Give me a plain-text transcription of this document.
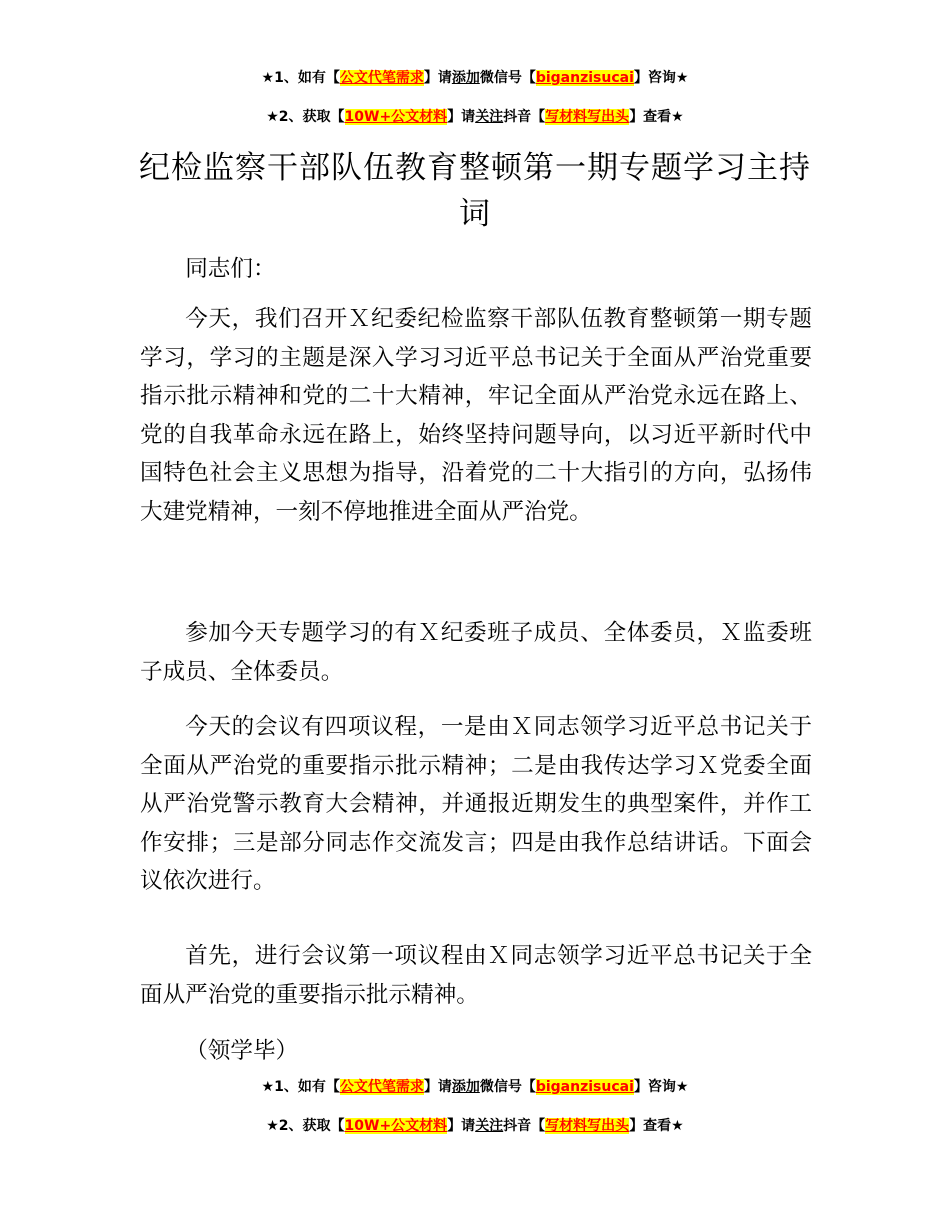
★1、如有【公文代笔需求】请添加微信号【biganzisucai】咨询★
★2、获取【10W+公文材料】请关注抖音【写材料写出头】查看★
纪检监察干部队伍教育整顿第一期专题学习主持词
同志们：
今天，我们召开Ｘ纪委纪检监察干部队伍教育整顿第一期专题学习，学习的主题是深入学习习近平总书记关于全面从严治党重要指示批示精神和党的二十大精神，牢记全面从严治党永远在路上、党的自我革命永远在路上，始终坚持问题导向，以习近平新时代中国特色社会主义思想为指导，沿着党的二十大指引的方向，弘扬伟大建党精神，一刻不停地推进全面从严治党。
参加今天专题学习的有Ｘ纪委班子成员、全体委员，Ｘ监委班子成员、全体委员。
今天的会议有四项议程，一是由Ｘ同志领学习近平总书记关于全面从严治党的重要指示批示精神；二是由我传达学习Ｘ党委全面从严治党警示教育大会精神，并通报近期发生的典型案件，并作工作安排；三是部分同志作交流发言；四是由我作总结讲话。下面会议依次进行。
首先，进行会议第一项议程由Ｘ同志领学习近平总书记关于全面从严治党的重要指示批示精神。
（领学毕）
★1、如有【公文代笔需求】请添加微信号【biganzisucai】咨询★
★2、获取【10W+公文材料】请关注抖音【写材料写出头】查看★
